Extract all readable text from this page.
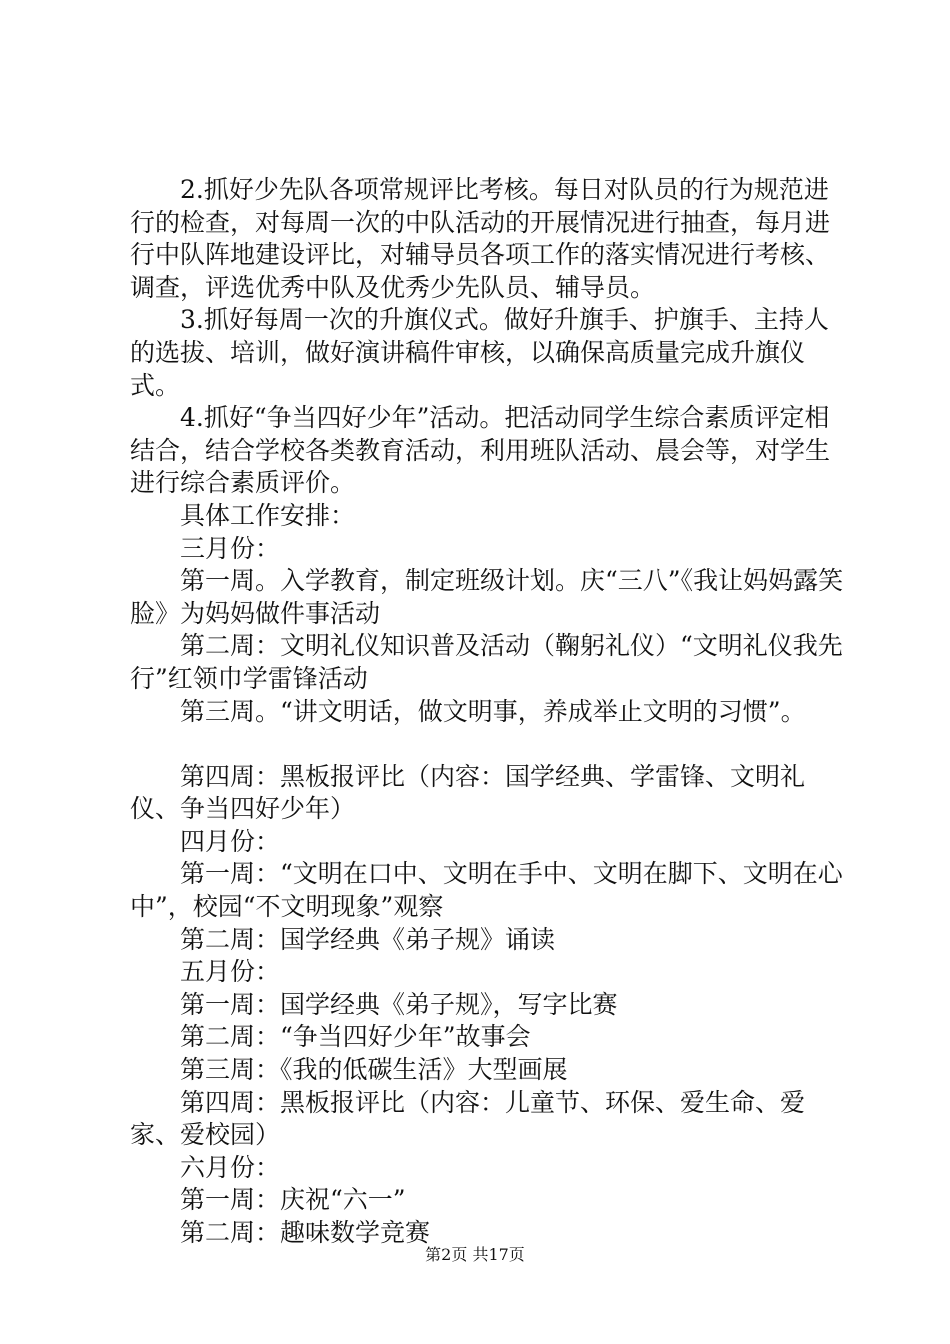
2.抓好少先队各项常规评比考核。每日对队员的行为规范进行的检查，对每周一次的中队活动的开展情况进行抽查，每月进行中队阵地建设评比，对辅导员各项工作的落实情况进行考核、调查，评选优秀中队及优秀少先队员、辅导员。

3.抓好每周一次的升旗仪式。做好升旗手、护旗手、主持人的选拔、培训，做好演讲稿件审核，以确保高质量完成升旗仪式。

4.抓好“争当四好少年”活动。把活动同学生综合素质评定相结合，结合学校各类教育活动，利用班队活动、晨会等，对学生进行综合素质评价。

具体工作安排：

三月份：

第一周。入学教育，制定班级计划。庆“三八”《我让妈妈露笑脸》为妈妈做件事活动

第二周：文明礼仪知识普及活动（鞠躬礼仪）“文明礼仪我先行”红领巾学雷锋活动

第三周。“讲文明话，做文明事，养成举止文明的习惯”。

第四周：黑板报评比（内容：国学经典、学雷锋、文明礼仪、争当四好少年）

四月份：

第一周：“文明在口中、文明在手中、文明在脚下、文明在心中”，校园“不文明现象”观察

第二周：国学经典《弟子规》诵读

五月份：

第一周：国学经典《弟子规》，写字比赛

第二周：“争当四好少年”故事会

第三周：《我的低碳生活》大型画展

第四周：黑板报评比（内容：儿童节、环保、爱生命、爱家、爱校园）

六月份：

第一周：庆祝“六一”

第二周：趣味数学竞赛

第2页 共17页
